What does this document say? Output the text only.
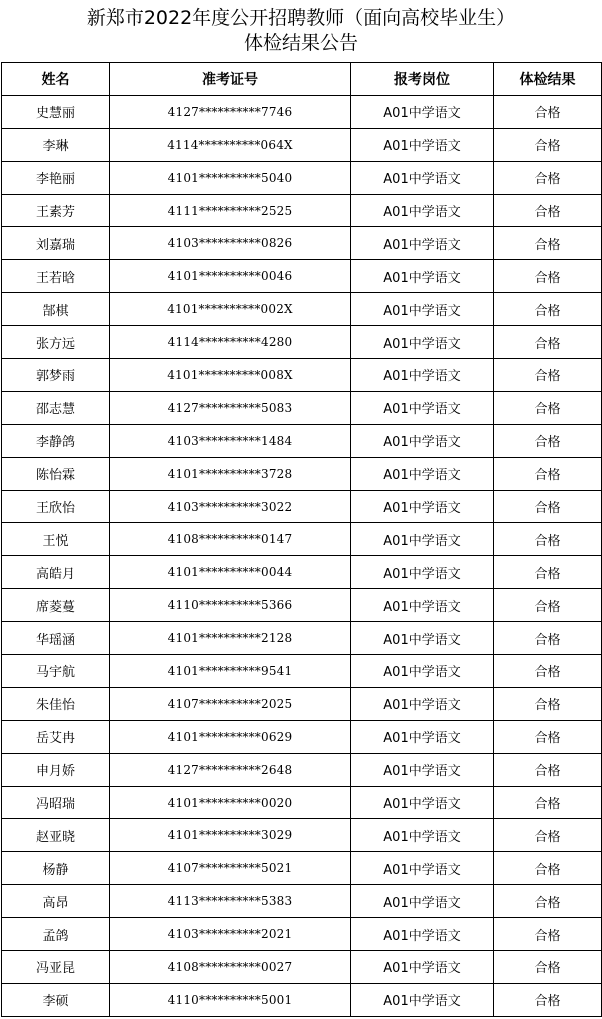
新郑市2022年度公开招聘教师（面向高校毕业生）
体检结果公告
姓名	准考证号	报考岗位	体检结果
史慧丽	4127**********7746	A01中学语文	合格
李琳	4114**********064X	A01中学语文	合格
李艳丽	4101**********5040	A01中学语文	合格
王素芳	4111**********2525	A01中学语文	合格
刘嘉瑞	4103**********0826	A01中学语文	合格
王若晗	4101**********0046	A01中学语文	合格
郜棋	4101**********002X	A01中学语文	合格
张方远	4114**********4280	A01中学语文	合格
郭梦雨	4101**********008X	A01中学语文	合格
邵志慧	4127**********5083	A01中学语文	合格
李静鸽	4103**********1484	A01中学语文	合格
陈怡霖	4101**********3728	A01中学语文	合格
王欣怡	4103**********3022	A01中学语文	合格
王悦	4108**********0147	A01中学语文	合格
高皓月	4101**********0044	A01中学语文	合格
席菱蔓	4110**********5366	A01中学语文	合格
华瑶涵	4101**********2128	A01中学语文	合格
马宇航	4101**********9541	A01中学语文	合格
朱佳怡	4107**********2025	A01中学语文	合格
岳艾冉	4101**********0629	A01中学语文	合格
申月娇	4127**********2648	A01中学语文	合格
冯昭瑞	4101**********0020	A01中学语文	合格
赵亚晓	4101**********3029	A01中学语文	合格
杨静	4107**********5021	A01中学语文	合格
高昂	4113**********5383	A01中学语文	合格
孟鸽	4103**********2021	A01中学语文	合格
冯亚昆	4108**********0027	A01中学语文	合格
李硕	4110**********5001	A01中学语文	合格
